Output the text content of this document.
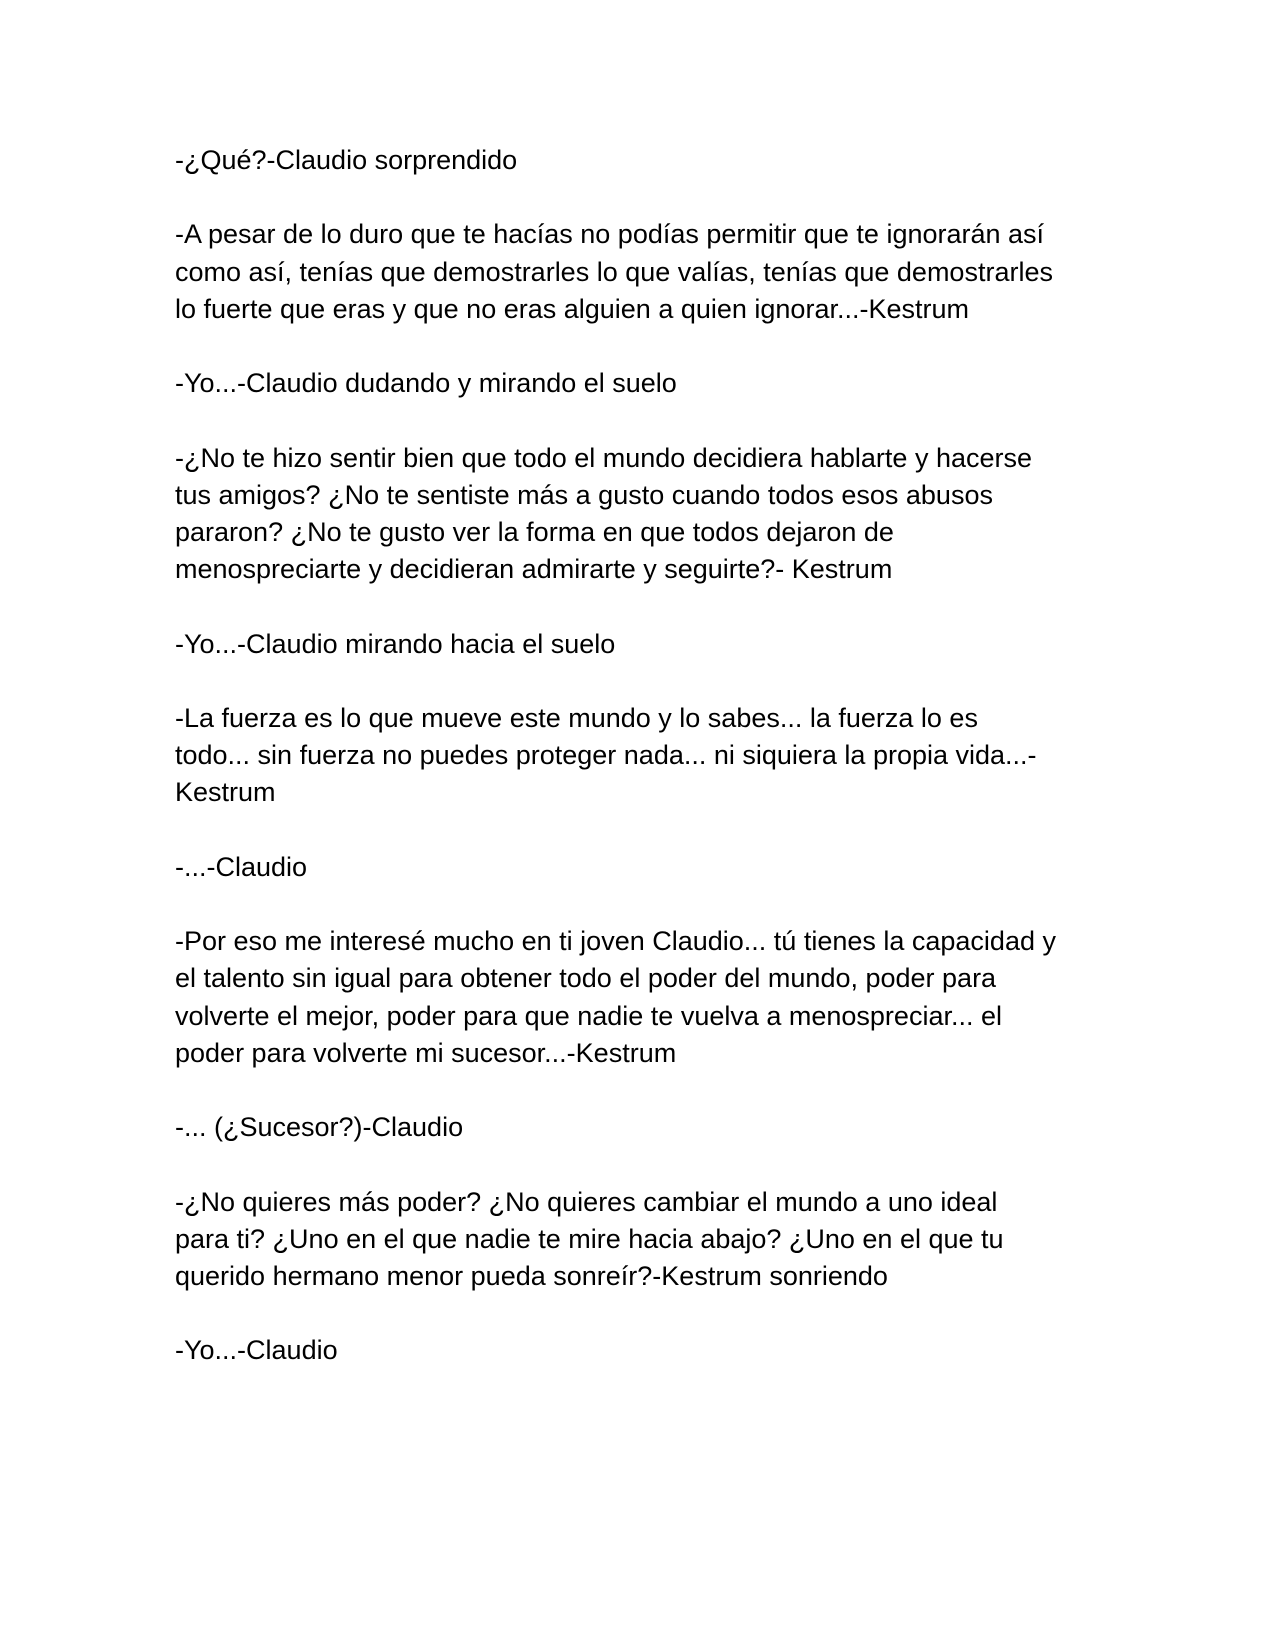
-¿Qué?-Claudio sorprendido

-A pesar de lo duro que te hacías no podías permitir que te ignorarán así
como así, tenías que demostrarles lo que valías, tenías que demostrarles
lo fuerte que eras y que no eras alguien a quien ignorar...-Kestrum

-Yo...-Claudio dudando y mirando el suelo

-¿No te hizo sentir bien que todo el mundo decidiera hablarte y hacerse
tus amigos? ¿No te sentiste más a gusto cuando todos esos abusos
pararon? ¿No te gusto ver la forma en que todos dejaron de
menospreciarte y decidieran admirarte y seguirte?- Kestrum

-Yo...-Claudio mirando hacia el suelo

-La fuerza es lo que mueve este mundo y lo sabes... la fuerza lo es
todo... sin fuerza no puedes proteger nada... ni siquiera la propia vida...-
Kestrum

-...-Claudio

-Por eso me interesé mucho en ti joven Claudio... tú tienes la capacidad y
el talento sin igual para obtener todo el poder del mundo, poder para
volverte el mejor, poder para que nadie te vuelva a menospreciar... el
poder para volverte mi sucesor...-Kestrum

-... (¿Sucesor?)-Claudio

-¿No quieres más poder? ¿No quieres cambiar el mundo a uno ideal
para ti? ¿Uno en el que nadie te mire hacia abajo? ¿Uno en el que tu
querido hermano menor pueda sonreír?-Kestrum sonriendo

-Yo...-Claudio
